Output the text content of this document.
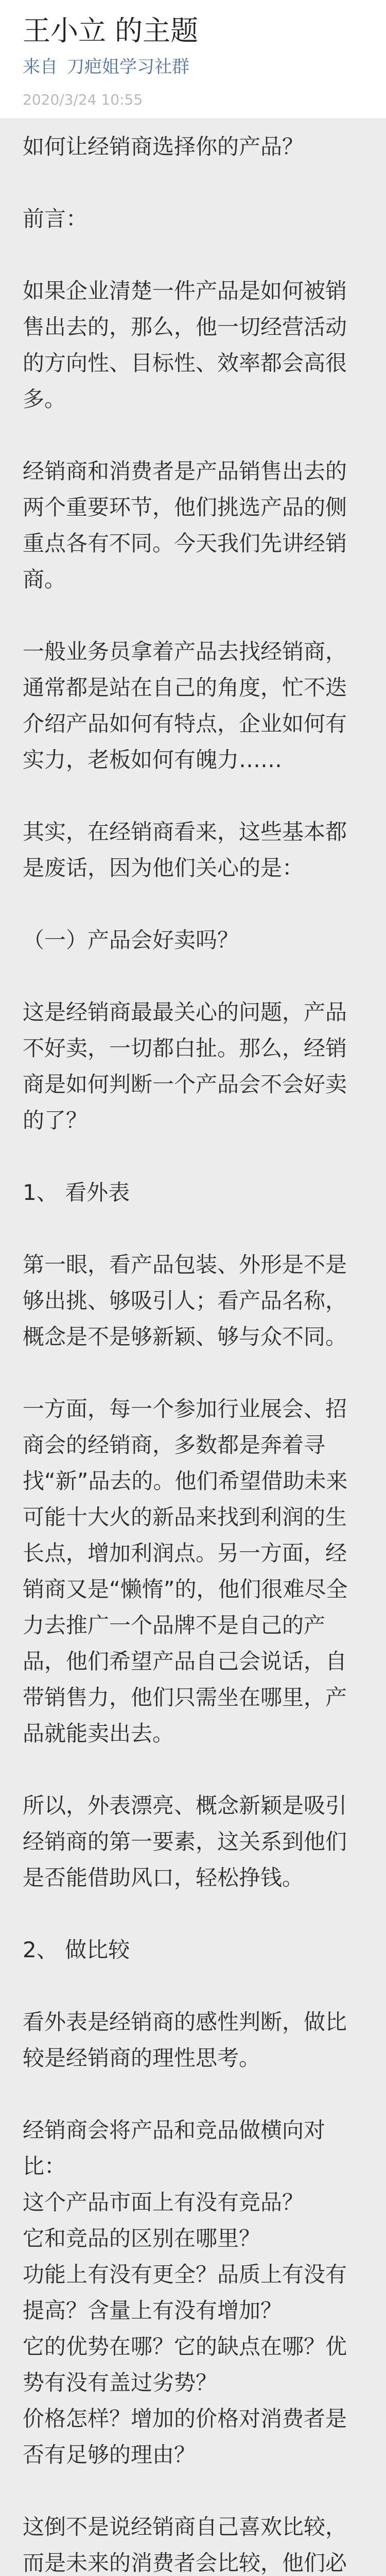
王小立 的主题
来自 刀疤姐学习社群
2020/3/24 10:55

如何让经销商选择你的产品？

前言：

如果企业清楚一件产品是如何被销售出去的，那么，他一切经营活动的方向性、目标性、效率都会高很多。

经销商和消费者是产品销售出去的两个重要环节，他们挑选产品的侧重点各有不同。今天我们先讲经销商。

一般业务员拿着产品去找经销商，通常都是站在自己的角度，忙不迭介绍产品如何有特点，企业如何有实力，老板如何有魄力……

其实，在经销商看来，这些基本都是废话，因为他们关心的是：

（一）产品会好卖吗？

这是经销商最最关心的问题，产品不好卖，一切都白扯。那么，经销商是如何判断一个产品会不会好卖的了？

1、 看外表

第一眼，看产品包装、外形是不是够出挑、够吸引人；看产品名称，概念是不是够新颖、够与众不同。

一方面，每一个参加行业展会、招商会的经销商，多数都是奔着寻找“新”品去的。他们希望借助未来可能十大火的新品来找到利润的生长点，增加利润点。另一方面，经销商又是“懒惰”的，他们很难尽全力去推广一个品牌不是自己的产品，他们希望产品自己会说话，自带销售力，他们只需坐在哪里，产品就能卖出去。

所以，外表漂亮、概念新颖是吸引经销商的第一要素，这关系到他们是否能借助风口，轻松挣钱。

2、 做比较

看外表是经销商的感性判断，做比较是经销商的理性思考。

经销商会将产品和竞品做横向对比：
这个产品市面上有没有竞品？
它和竞品的区别在哪里？
功能上有没有更全？品质上有没有提高？含量上有没有增加？
它的优势在哪？它的缺点在哪？优势有没有盖过劣势？
价格怎样？增加的价格对消费者是否有足够的理由？

这倒不是说经销商自己喜欢比较，而是未来的消费者会比较，他们必
